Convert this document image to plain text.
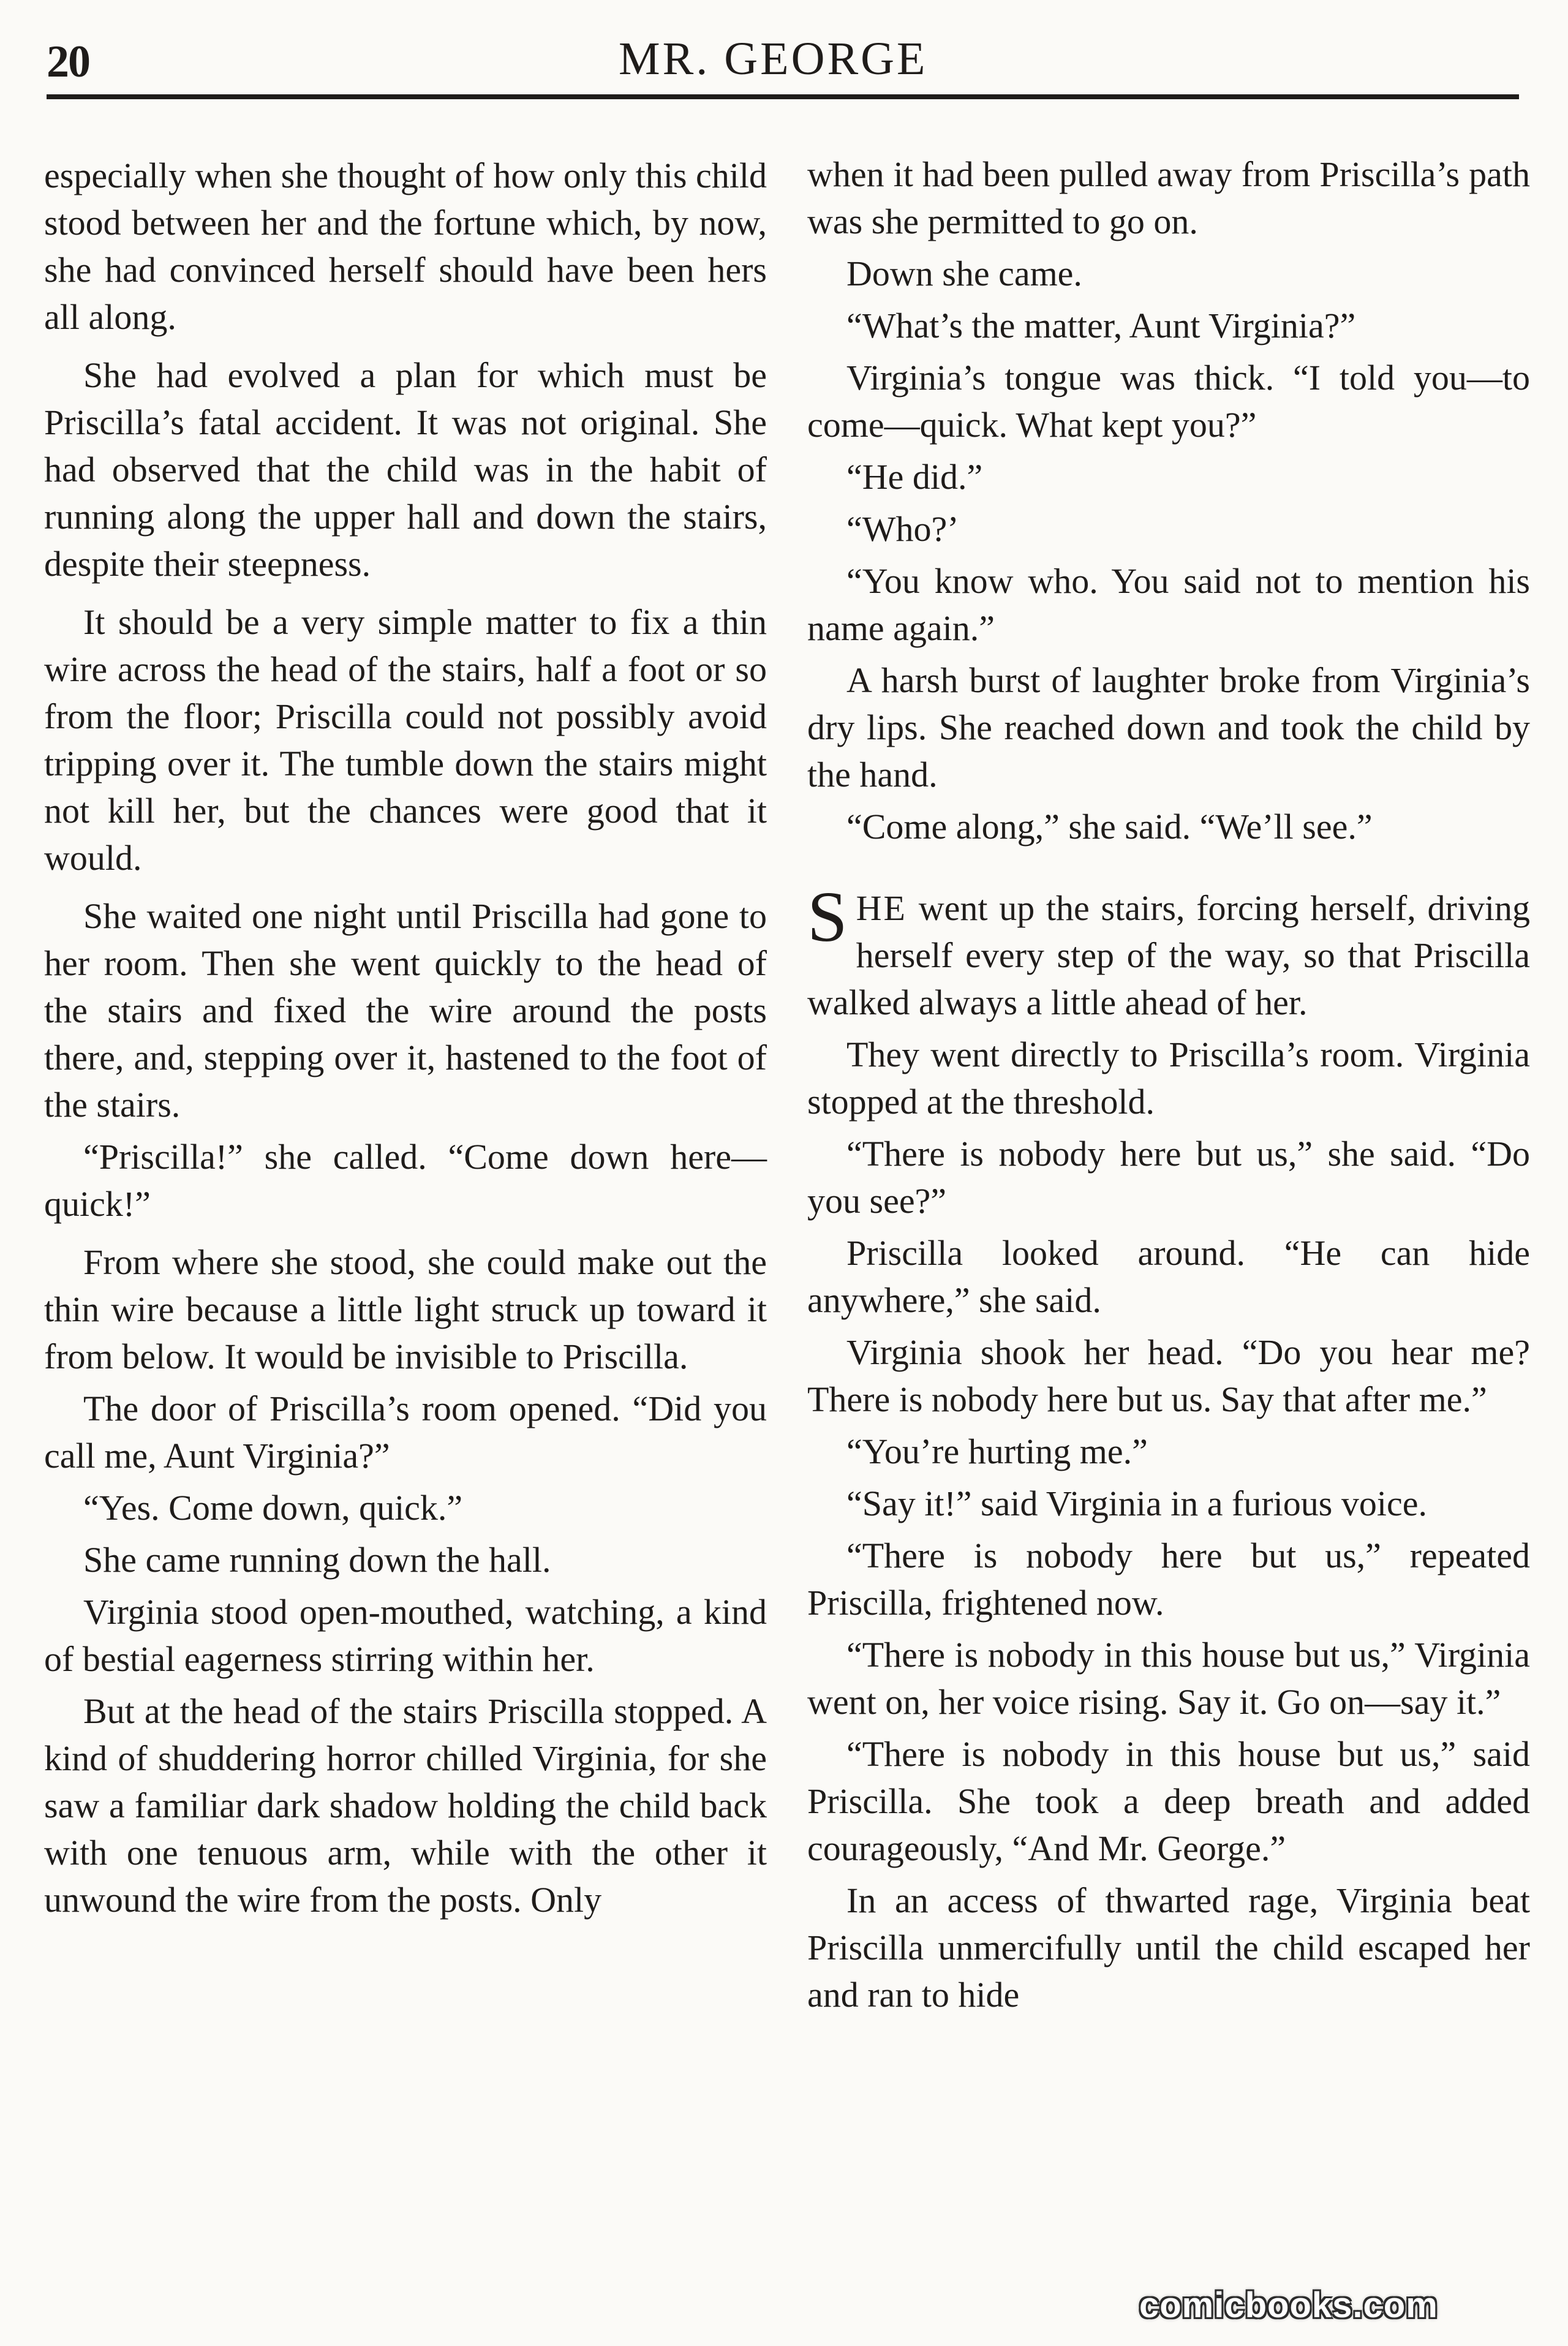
20	MR. GEORGE

especially when she thought of how only this child stood between her and the fortune which, by now, she had convinced herself should have been hers all along.

She had evolved a plan for which must be Priscilla’s fatal accident. It was not original. She had observed that the child was in the habit of running along the upper hall and down the stairs, despite their steepness.

It should be a very simple matter to fix a thin wire across the head of the stairs, half a foot or so from the floor; Priscilla could not possibly avoid tripping over it. The tumble down the stairs might not kill her, but the chances were good that it would.

She waited one night until Priscilla had gone to her room. Then she went quickly to the head of the stairs and fixed the wire around the posts there, and, stepping over it, hastened to the foot of the stairs.

“Priscilla!” she called. “Come down here—quick!”

From where she stood, she could make out the thin wire because a little light struck up toward it from below. It would be invisible to Priscilla.

The door of Priscilla’s room opened. “Did you call me, Aunt Virginia?”

“Yes. Come down, quick.”

She came running down the hall.

Virginia stood open-mouthed, watching, a kind of bestial eagerness stirring within her.

But at the head of the stairs Priscilla stopped. A kind of shuddering horror chilled Virginia, for she saw a familiar dark shadow holding the child back with one tenuous arm, while with the other it unwound the wire from the posts. Only

when it had been pulled away from Priscilla’s path was she permitted to go on.

Down she came.

“What’s the matter, Aunt Virginia?”

Virginia’s tongue was thick. “I told you—to come—quick. What kept you?”

“He did.”

“Who?’

“You know who. You said not to mention his name again.”

A harsh burst of laughter broke from Virginia’s dry lips. She reached down and took the child by the hand.

“Come along,” she said. “We’ll see.”

SHE went up the stairs, forcing herself, driving herself every step of the way, so that Priscilla walked always a little ahead of her.

They went directly to Priscilla’s room. Virginia stopped at the threshold.

“There is nobody here but us,” she said. “Do you see?”

Priscilla looked around. “He can hide anywhere,” she said.

Virginia shook her head. “Do you hear me? There is nobody here but us. Say that after me.”

“You’re hurting me.”

“Say it!” said Virginia in a furious voice.

“There is nobody here but us,” repeated Priscilla, frightened now.

“There is nobody in this house but us,” Virginia went on, her voice rising. Say it. Go on—say it.”

“There is nobody in this house but us,” said Priscilla. She took a deep breath and added courageously, “And Mr. George.”

In an access of thwarted rage, Virginia beat Priscilla unmercifully until the child escaped her and ran to hide

comicbooks.com
